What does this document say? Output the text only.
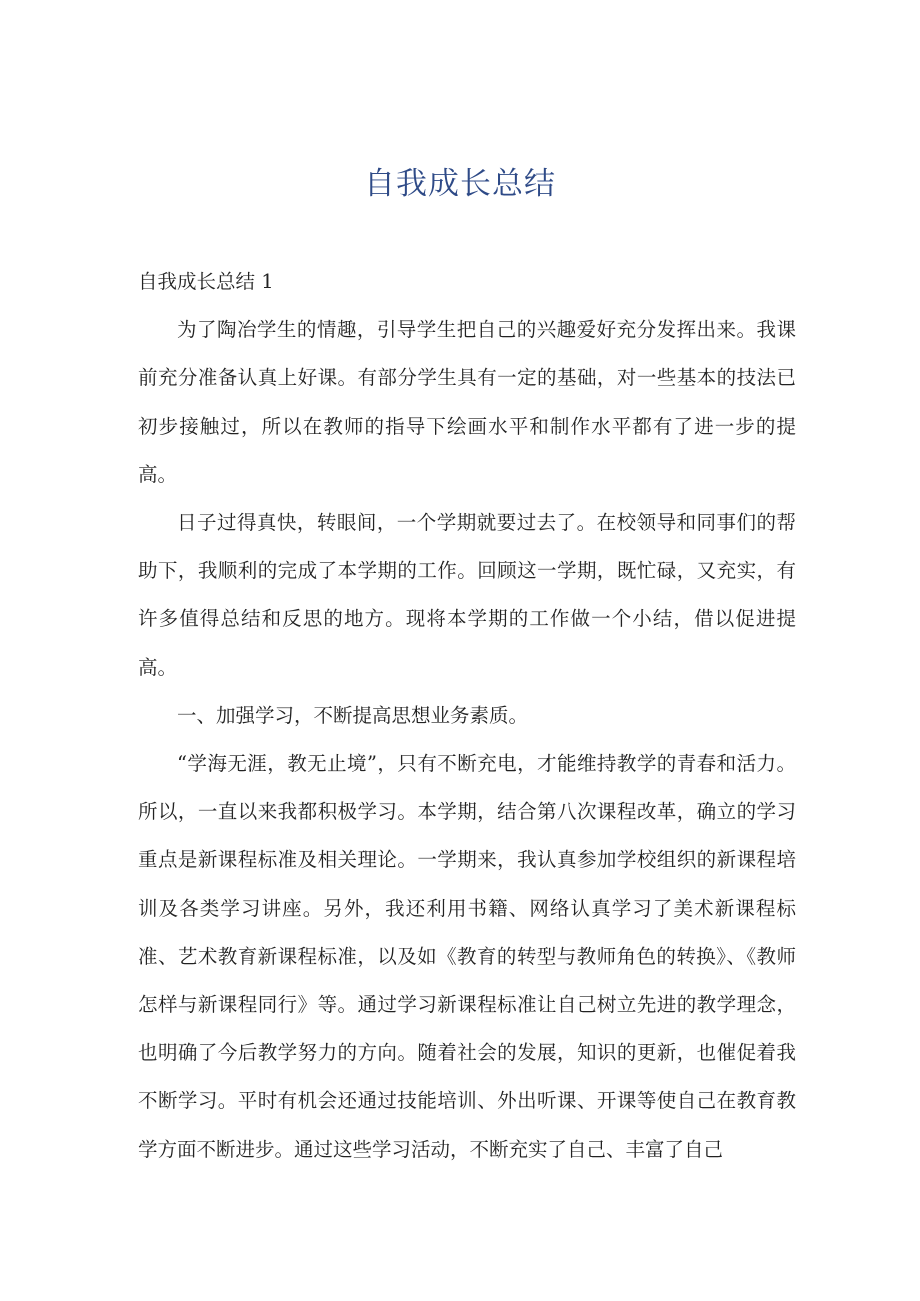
自我成长总结

自我成长总结 1

为了陶冶学生的情趣，引导学生把自己的兴趣爱好充分发挥出来。我课前充分准备认真上好课。有部分学生具有一定的基础，对一些基本的技法已初步接触过，所以在教师的指导下绘画水平和制作水平都有了进一步的提高。

日子过得真快，转眼间，一个学期就要过去了。在校领导和同事们的帮助下，我顺利的完成了本学期的工作。回顾这一学期，既忙碌，又充实，有许多值得总结和反思的地方。现将本学期的工作做一个小结，借以促进提高。

一、加强学习，不断提高思想业务素质。

“学海无涯，教无止境”，只有不断充电，才能维持教学的青春和活力。所以，一直以来我都积极学习。本学期，结合第八次课程改革，确立的学习重点是新课程标准及相关理论。一学期来，我认真参加学校组织的新课程培训及各类学习讲座。另外，我还利用书籍、网络认真学习了美术新课程标准、艺术教育新课程标准，以及如《教育的转型与教师角色的转换》、《教师怎样与新课程同行》等。通过学习新课程标准让自己树立先进的教学理念，也明确了今后教学努力的方向。随着社会的发展，知识的更新，也催促着我不断学习。平时有机会还通过技能培训、外出听课、开课等使自己在教育教学方面不断进步。通过这些学习活动，不断充实了自己、丰富了自己
